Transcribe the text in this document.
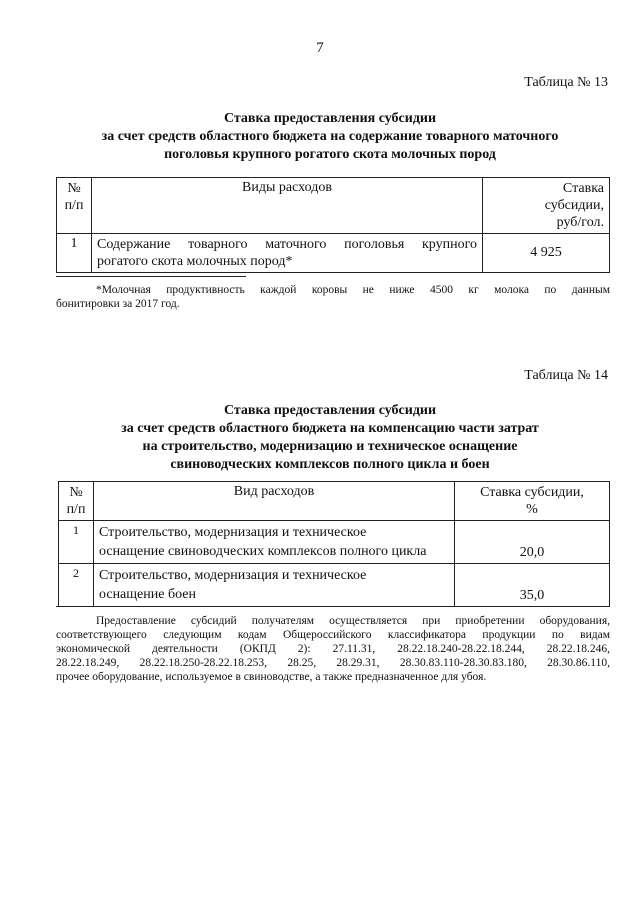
7
Таблица № 13
Ставка предоставления субсидии
за счет средств областного бюджета на содержание товарного маточного
поголовья крупного рогатого скота молочных пород
№
п/п	Виды расходов	Ставка
субсидии,
руб/гол.
1	Содержание товарного маточного поголовья крупного
рогатого скота молочных пород*	4 925
*Молочная продуктивность каждой коровы не ниже 4500 кг молока по данным
бонитировки за 2017 год.
Таблица № 14
Ставка предоставления субсидии
за счет средств областного бюджета на компенсацию части затрат
на строительство, модернизацию и техническое оснащение
свиноводческих комплексов полного цикла и боен
№
п/п	Вид расходов	Ставка субсидии,
%
1	Строительство, модернизация и техническое
оснащение свиноводческих комплексов полного цикла	20,0
2	Строительство, модернизация и техническое
оснащение боен	35,0
Предоставление субсидий получателям осуществляется при приобретении оборудования,
соответствующего следующим кодам Общероссийского классификатора продукции по видам
экономической деятельности (ОКПД 2): 27.11.31, 28.22.18.240-28.22.18.244, 28.22.18.246,
28.22.18.249, 28.22.18.250-28.22.18.253, 28.25, 28.29.31, 28.30.83.110-28.30.83.180, 28.30.86.110,
прочее оборудование, используемое в свиноводстве, а также предназначенное для убоя.
